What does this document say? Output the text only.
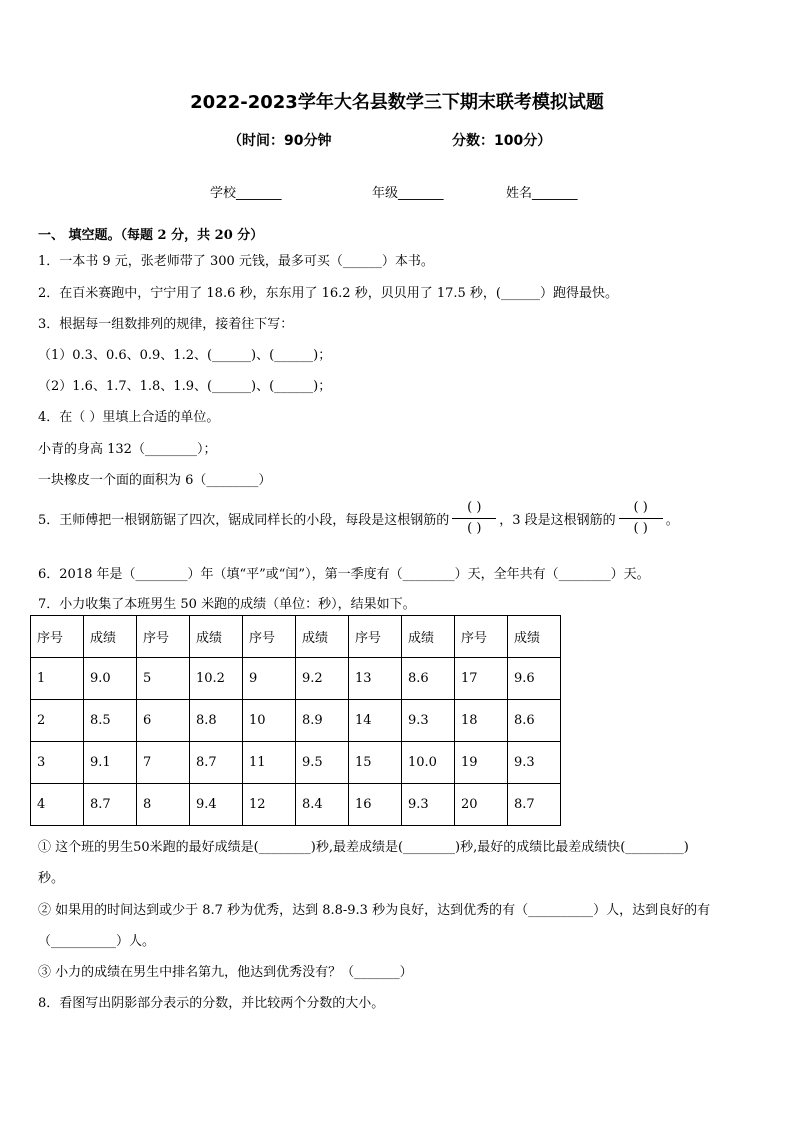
2022-2023学年大名县数学三下期末联考模拟试题
（时间：90分钟	分数：100分）
学校_______	年级_______	姓名_______
一、 填空题。（每题 2 分，共 20 分）
1．一本书 9 元，张老师带了 300 元钱，最多可买（______）本书。
2．在百米赛跑中，宁宁用了 18.6 秒，东东用了 16.2 秒，贝贝用了 17.5 秒，(______）跑得最快。
3．根据每一组数排列的规律，接着往下写：
（1）0.3、0.6、0.9、1.2、(______)、(______)；
（2）1.6、1.7、1.8、1.9、(______)、(______)；
4．在（ ）里填上合适的单位。
小青的身高 132（________）；
一块橡皮一个面的面积为 6（________）
5．王师傅把一根钢筋锯了四次，锯成同样长的小段，每段是这根钢筋的 $\frac{( )}{( )}$ ，3 段是这根钢筋的 $\frac{( )}{( )}$ 。
6．2018 年是（________）年（填“平”或“闰”），第一季度有（________）天，全年共有（________）天。
7．小力收集了本班男生 50 米跑的成绩（单位：秒），结果如下。
序号	成绩	序号	成绩	序号	成绩	序号	成绩	序号	成绩
1	9.0	5	10.2	9	9.2	13	8.6	17	9.6
2	8.5	6	8.8	10	8.9	14	9.3	18	8.6
3	9.1	7	8.7	11	9.5	15	10.0	19	9.3
4	8.7	8	9.4	12	8.4	16	9.3	20	8.7
① 这个班的男生50米跑的最好成绩是(________)秒,最差成绩是(________)秒,最好的成绩比最差成绩快(_________)
秒。
② 如果用的时间达到或少于 8.7 秒为优秀，达到 8.8-9.3 秒为良好，达到优秀的有（__________）人，达到良好的有
（__________）人。
③ 小力的成绩在男生中排名第九，他达到优秀没有？（_______）
8．看图写出阴影部分表示的分数，并比较两个分数的大小。
